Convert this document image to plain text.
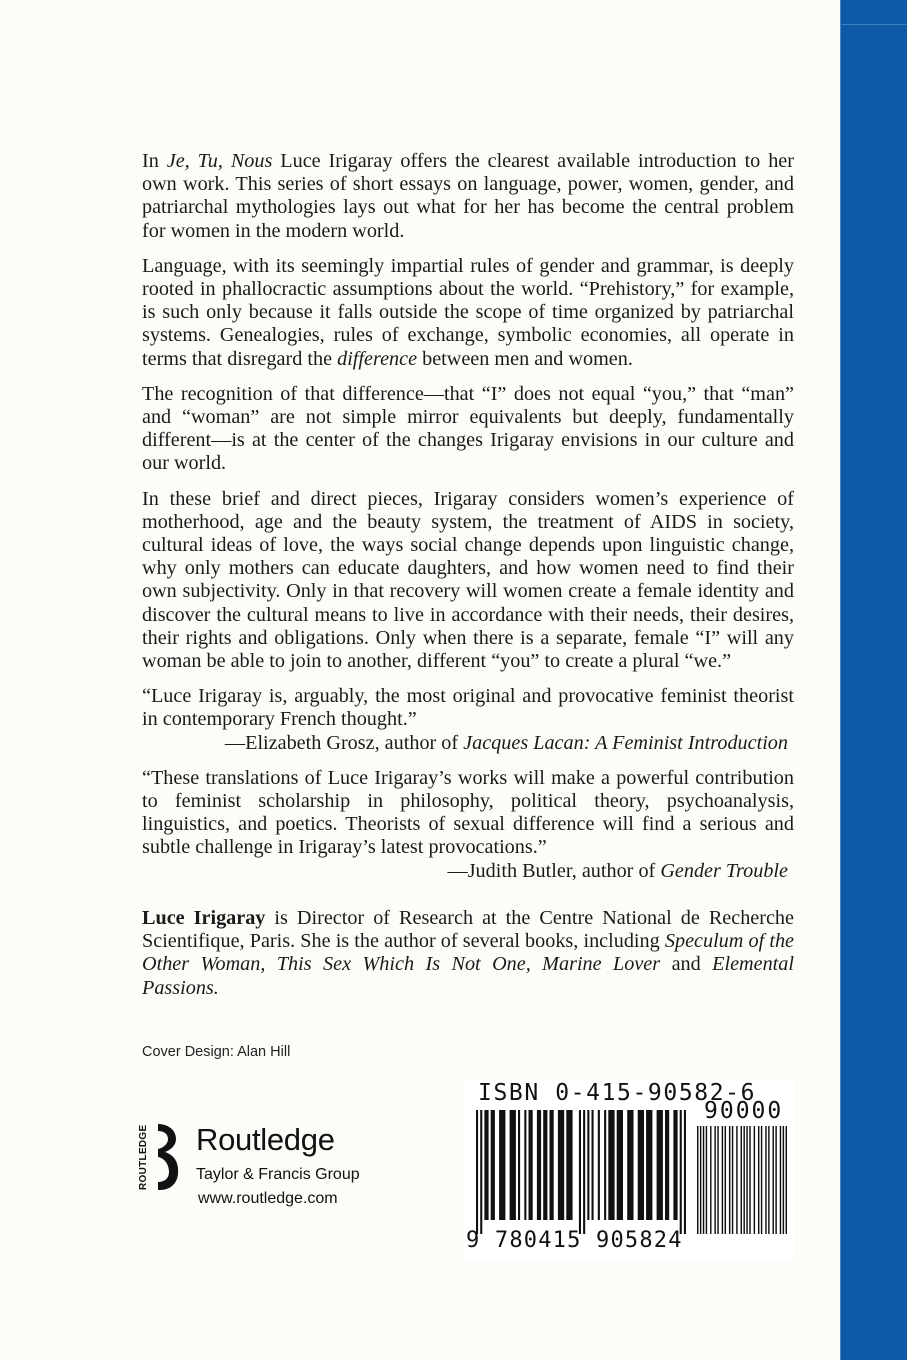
In Je, Tu, Nous Luce Irigaray offers the clearest available introduction to her own work. This series of short essays on language, power, women, gender, and patriarchal mythologies lays out what for her has become the central problem for women in the modern world.

Language, with its seemingly impartial rules of gender and grammar, is deeply rooted in phallocractic assumptions about the world. “Prehistory,” for example, is such only because it falls outside the scope of time organized by patriarchal systems. Genealogies, rules of exchange, symbolic economies, all operate in terms that disregard the difference between men and women.

The recognition of that difference—that “I” does not equal “you,” that “man” and “woman” are not simple mirror equivalents but deeply, fundamentally different—is at the center of the changes Irigaray envisions in our culture and our world.

In these brief and direct pieces, Irigaray considers women’s experience of motherhood, age and the beauty system, the treatment of AIDS in society, cultural ideas of love, the ways social change depends upon linguistic change, why only mothers can educate daughters, and how women need to find their own subjectivity. Only in that recovery will women create a female identity and discover the cultural means to live in accordance with their needs, their desires, their rights and obligations. Only when there is a separate, female “I” will any woman be able to join to another, different “you” to create a plural “we.”

“Luce Irigaray is, arguably, the most original and provocative feminist theorist in contemporary French thought.”

—Elizabeth Grosz, author of Jacques Lacan: A Feminist Introduction

“These translations of Luce Irigaray’s works will make a powerful contribution to feminist scholarship in philosophy, political theory, psychoanalysis, linguistics, and poetics. Theorists of sexual difference will find a serious and subtle challenge in Irigaray’s latest provocations.”

—Judith Butler, author of Gender Trouble

Luce Irigaray is Director of Research at the Centre National de Recherche Scientifique, Paris. She is the author of several books, including Speculum of the Other Woman, This Sex Which Is Not One, Marine Lover and Elemental Passions.

Cover Design: Alan Hill
ROUTLEDGE Routledge
Taylor & Francis Group
www.routledge.com
ISBN 0-415-90582-6
90000
9 780415 905824
